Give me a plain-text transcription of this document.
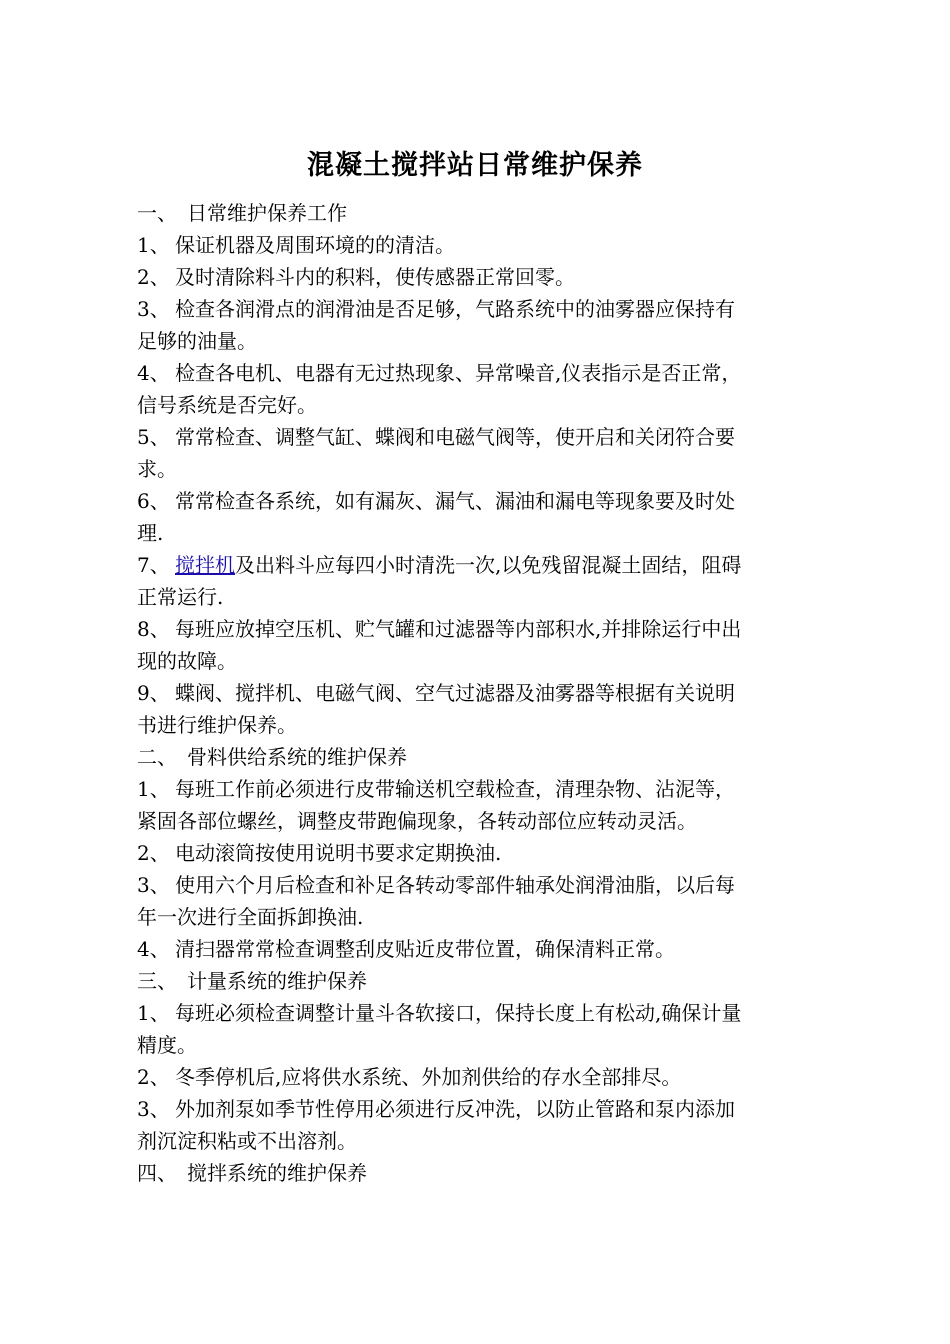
混凝土搅拌站日常维护保养
一、 日常维护保养工作
1、 保证机器及周围环境的的清洁。
2、 及时清除料斗内的积料，使传感器正常回零。
3、 检查各润滑点的润滑油是否足够，气路系统中的油雾器应保持有
足够的油量。
4、 检查各电机、电器有无过热现象、异常噪音,仪表指示是否正常，
信号系统是否完好。
5、 常常检查、调整气缸、蝶阀和电磁气阀等，使开启和关闭符合要
求。
6、 常常检查各系统，如有漏灰、漏气、漏油和漏电等现象要及时处
理.
7、 搅拌机及出料斗应每四小时清洗一次,以免残留混凝土固结，阻碍
正常运行.
8、 每班应放掉空压机、贮气罐和过滤器等内部积水,并排除运行中出
现的故障。
9、 蝶阀、搅拌机、电磁气阀、空气过滤器及油雾器等根据有关说明
书进行维护保养。
二、 骨料供给系统的维护保养
1、 每班工作前必须进行皮带输送机空载检查，清理杂物、沾泥等，
紧固各部位螺丝，调整皮带跑偏现象，各转动部位应转动灵活。
2、 电动滚筒按使用说明书要求定期换油.
3、 使用六个月后检查和补足各转动零部件轴承处润滑油脂，以后每
年一次进行全面拆卸换油.
4、 清扫器常常检查调整刮皮贴近皮带位置，确保清料正常。
三、 计量系统的维护保养
1、 每班必须检查调整计量斗各软接口，保持长度上有松动,确保计量
精度。
2、 冬季停机后,应将供水系统、外加剂供给的存水全部排尽。
3、 外加剂泵如季节性停用必须进行反冲洗，以防止管路和泵内添加
剂沉淀积粘或不出溶剂。
四、 搅拌系统的维护保养
